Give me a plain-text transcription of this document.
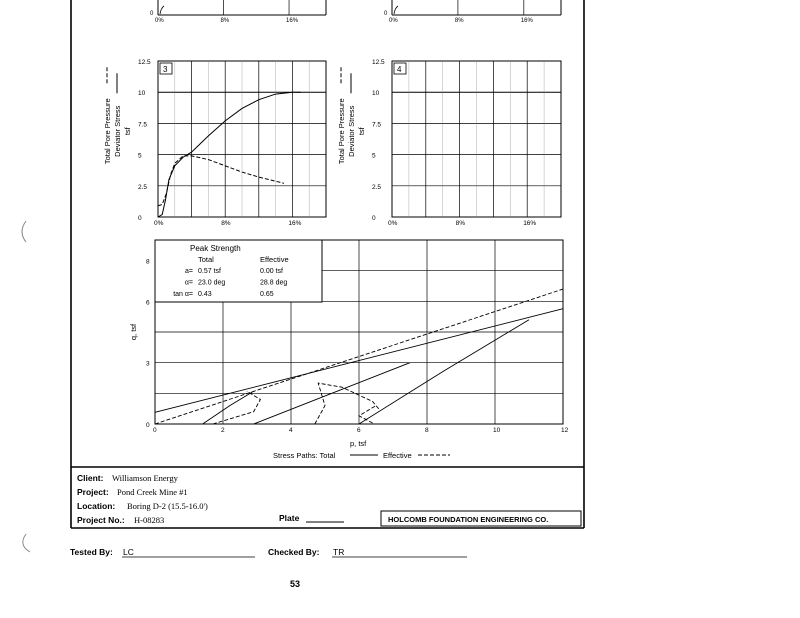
0
0%	8%	16%
0
0%	8%	16%
3
0
2.5
5
7.5
10
12.5
0%	8%	16%
Total Pore Pressure Deviator Stress tsf
4
0
2.5
5
7.5
10
12.5
0%	8%	16%
Total Pore Pressure Deviator Stress tsf
Peak Strength
Total	Effective
a= 0.57 tsf	0.00 tsf
α= 23.0 deg	28.8 deg
tan α= 0.43	0.65
0	2	4	6	8	10	12
0
3
6
8
p, tsf
q, tsf
Stress Paths: Total	Effective
Client: Williamson Energy
Project: Pond Creek Mine #1
Location: Boring D-2 (15.5-16.0')
Project No.: H-08283	Plate	HOLCOMB FOUNDATION ENGINEERING CO.
Tested By: LC	Checked By: TR
53
